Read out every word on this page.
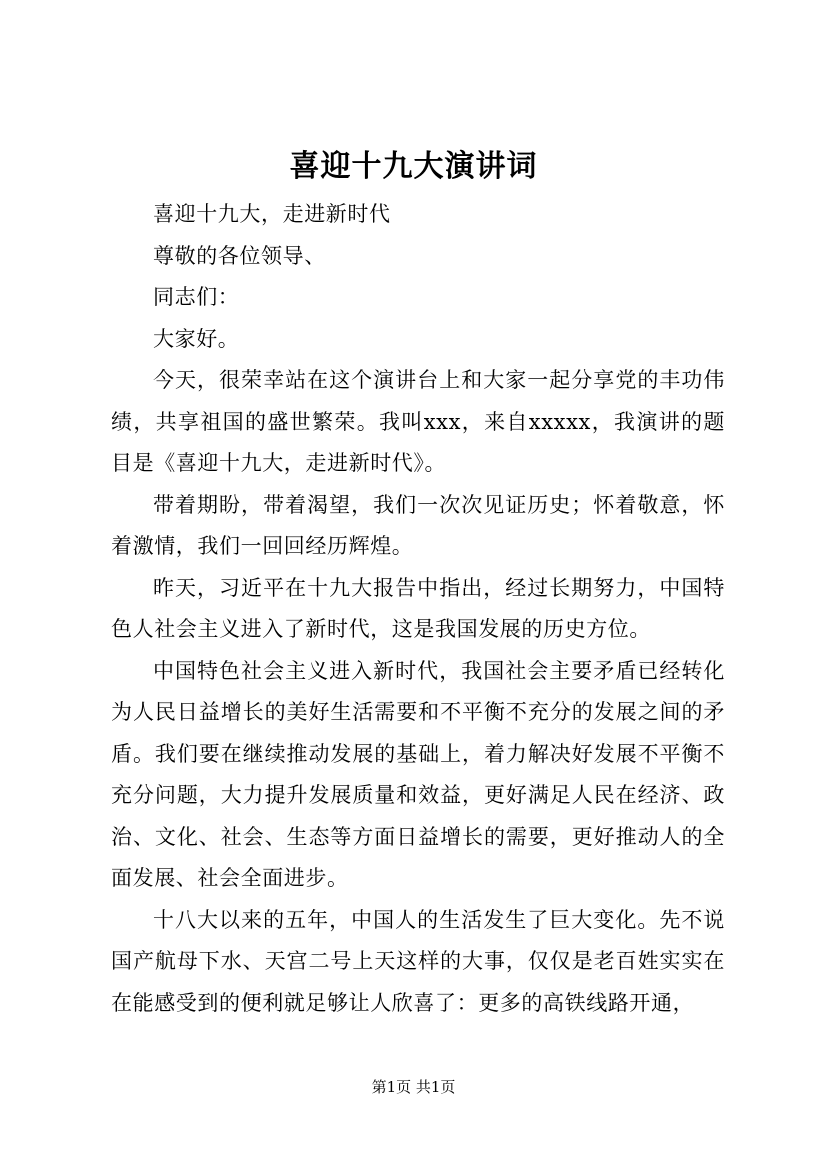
喜迎十九大演讲词

喜迎十九大，走进新时代

尊敬的各位领导、

同志们：

大家好。

今天，很荣幸站在这个演讲台上和大家一起分享党的丰功伟绩，共享祖国的盛世繁荣。我叫xxx，来自xxxxx，我演讲的题目是《喜迎十九大，走进新时代》。

带着期盼，带着渴望，我们一次次见证历史；怀着敬意，怀着激情，我们一回回经历辉煌。

昨天，习近平在十九大报告中指出，经过长期努力，中国特色人社会主义进入了新时代，这是我国发展的历史方位。

中国特色社会主义进入新时代，我国社会主要矛盾已经转化为人民日益增长的美好生活需要和不平衡不充分的发展之间的矛盾。我们要在继续推动发展的基础上，着力解决好发展不平衡不充分问题，大力提升发展质量和效益，更好满足人民在经济、政治、文化、社会、生态等方面日益增长的需要，更好推动人的全面发展、社会全面进步。

十八大以来的五年，中国人的生活发生了巨大变化。先不说国产航母下水、天宫二号上天这样的大事，仅仅是老百姓实实在在能感受到的便利就足够让人欣喜了：更多的高铁线路开通，

第1页 共1页
